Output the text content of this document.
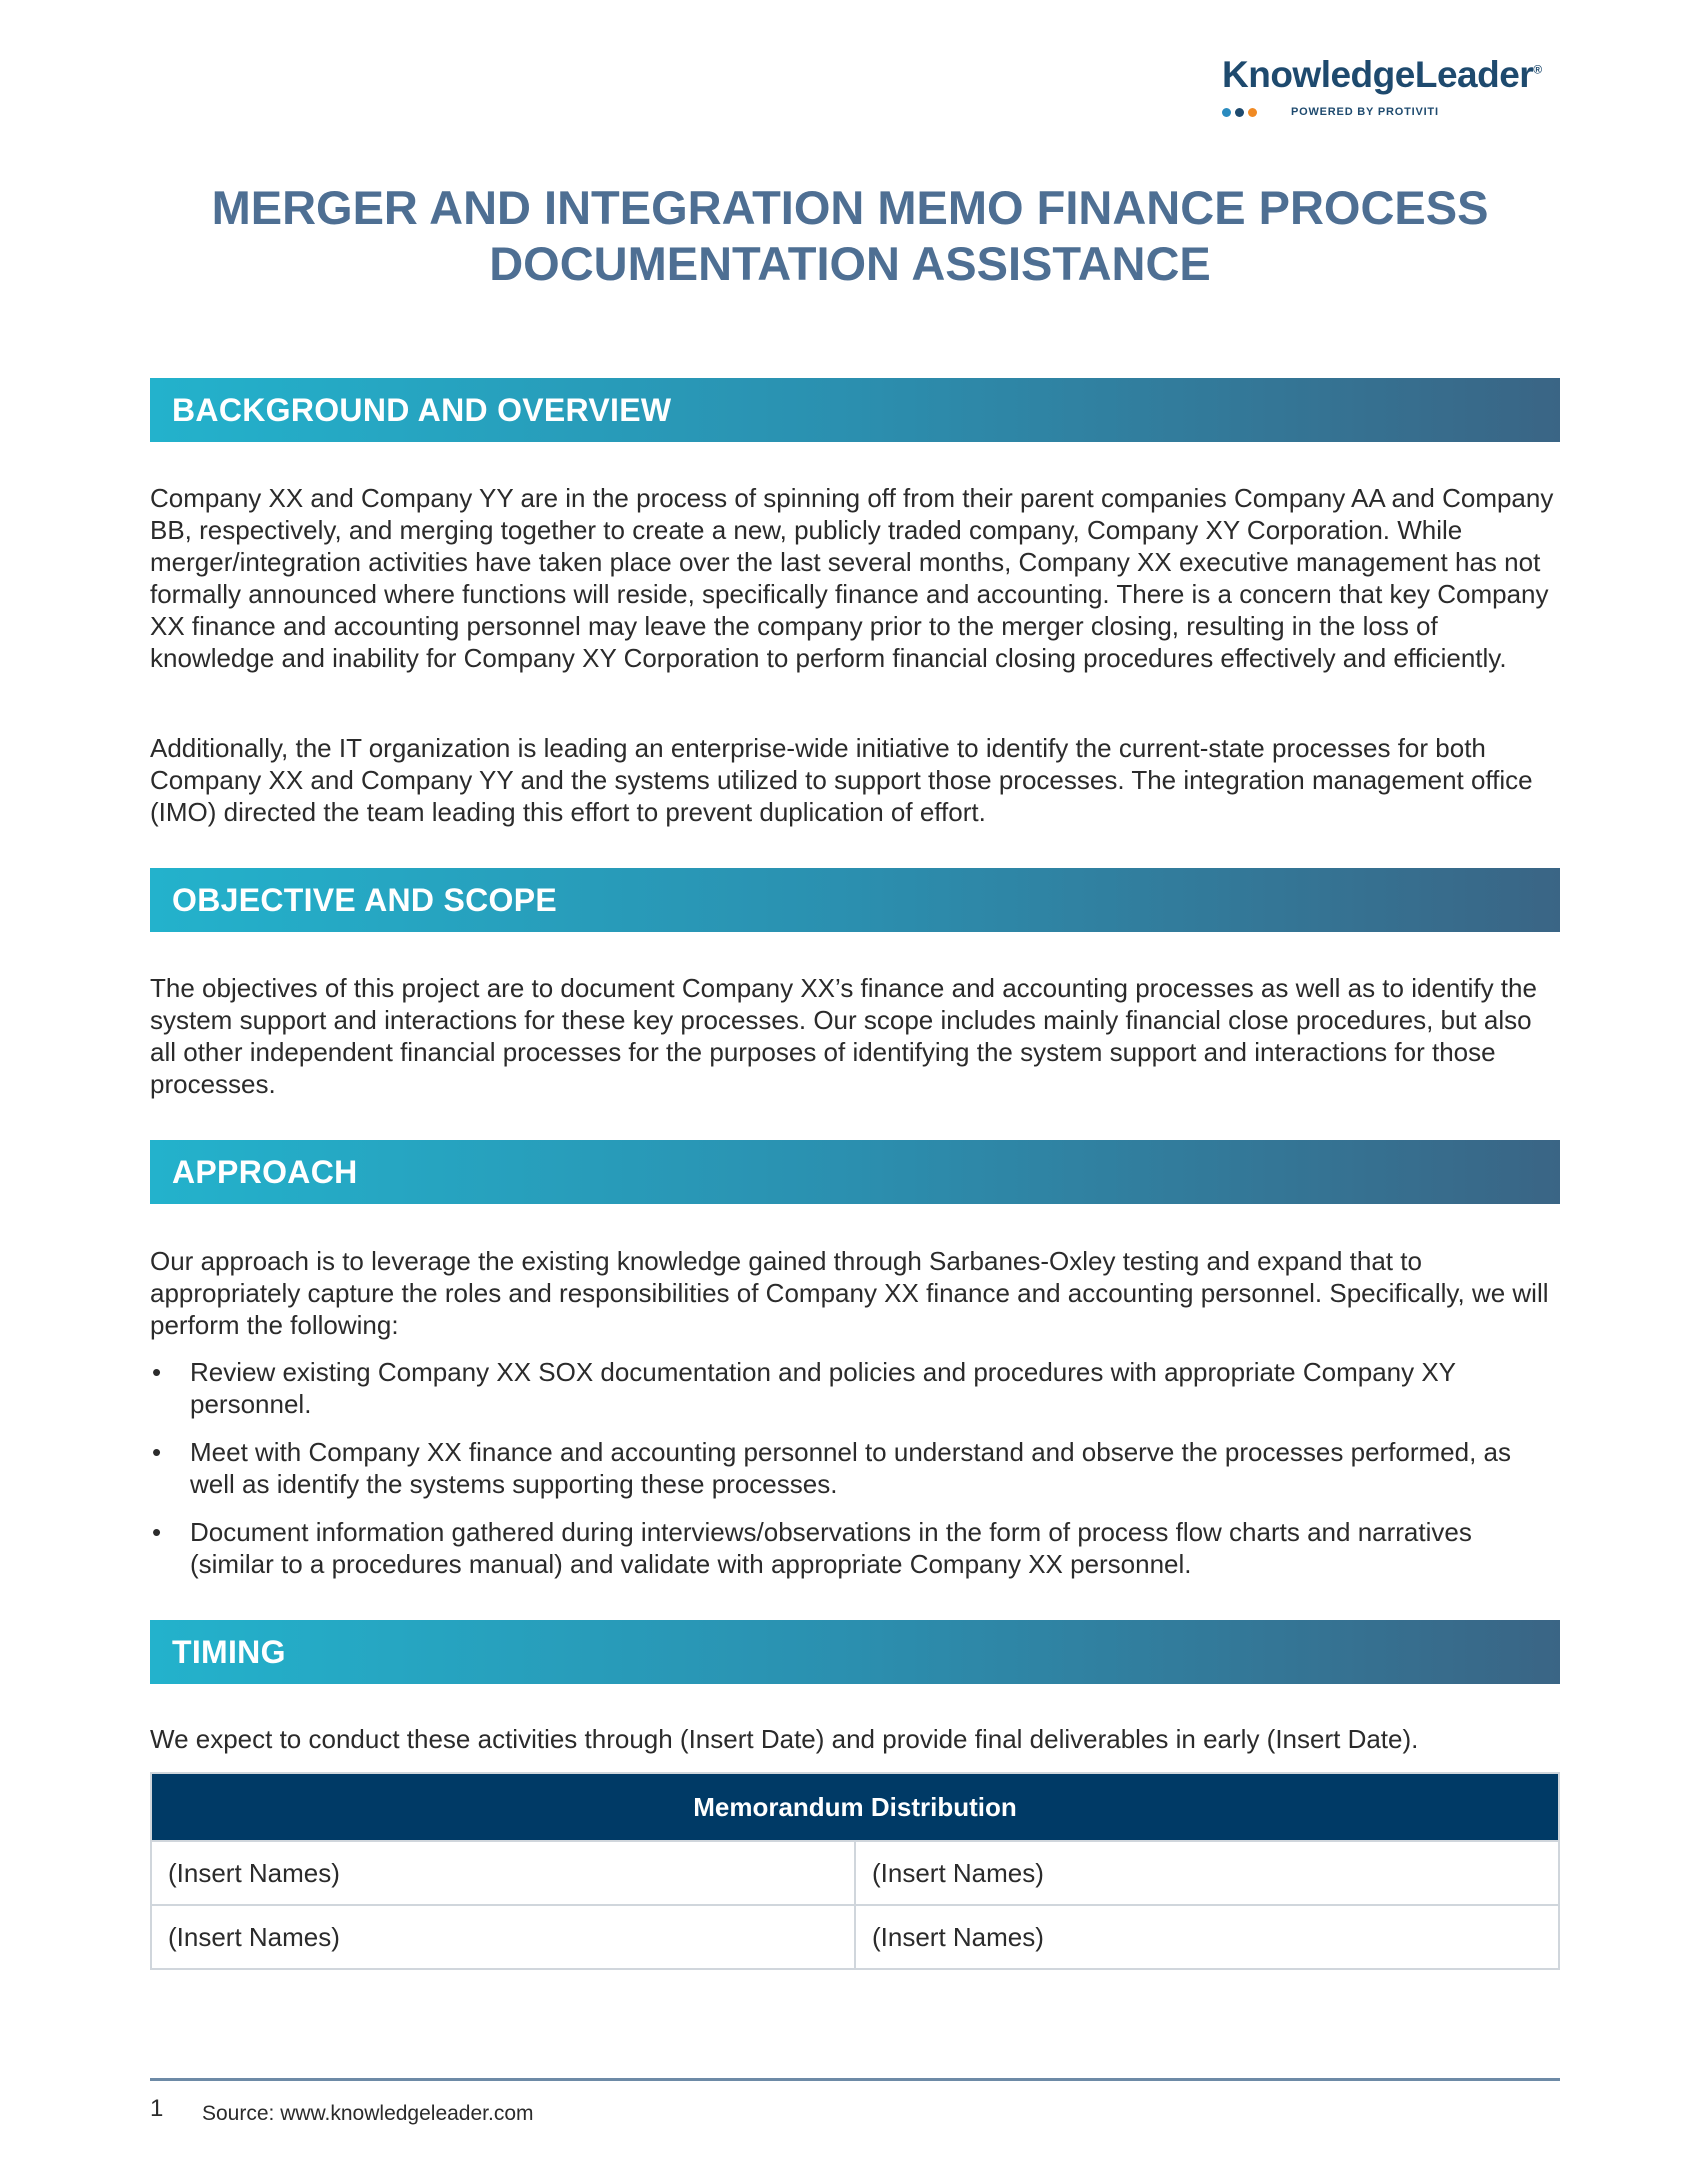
KnowledgeLeader®
POWERED BY PROTIVITI
MERGER AND INTEGRATION MEMO FINANCE PROCESS
DOCUMENTATION ASSISTANCE
BACKGROUND AND OVERVIEW

Company XX and Company YY are in the process of spinning off from their parent companies Company AA and Company BB, respectively, and merging together to create a new, publicly traded company, Company XY Corporation. While merger/integration activities have taken place over the last several months, Company XX executive management has not formally announced where functions will reside, specifically finance and accounting. There is a concern that key Company XX finance and accounting personnel may leave the company prior to the merger closing, resulting in the loss of knowledge and inability for Company XY Corporation to perform financial closing procedures effectively and efficiently.

Additionally, the IT organization is leading an enterprise-wide initiative to identify the current-state processes for both Company XX and Company YY and the systems utilized to support those processes. The integration management office (IMO) directed the team leading this effort to prevent duplication of effort.

OBJECTIVE AND SCOPE

The objectives of this project are to document Company XX’s finance and accounting processes as well as to identify the system support and interactions for these key processes. Our scope includes mainly financial close procedures, but also all other independent financial processes for the purposes of identifying the system support and interactions for those processes.

APPROACH

Our approach is to leverage the existing knowledge gained through Sarbanes-Oxley testing and expand that to appropriately capture the roles and responsibilities of Company XX finance and accounting personnel. Specifically, we will perform the following:

• Review existing Company XX SOX documentation and policies and procedures with appropriate Company XY personnel.
• Meet with Company XX finance and accounting personnel to understand and observe the processes performed, as well as identify the systems supporting these processes.
• Document information gathered during interviews/observations in the form of process flow charts and narratives (similar to a procedures manual) and validate with appropriate Company XX personnel.
TIMING

We expect to conduct these activities through (Insert Date) and provide final deliverables in early (Insert Date).

Memorandum Distribution	
(Insert Names)	(Insert Names)
(Insert Names)	(Insert Names)
1 Source: www.knowledgeleader.com
